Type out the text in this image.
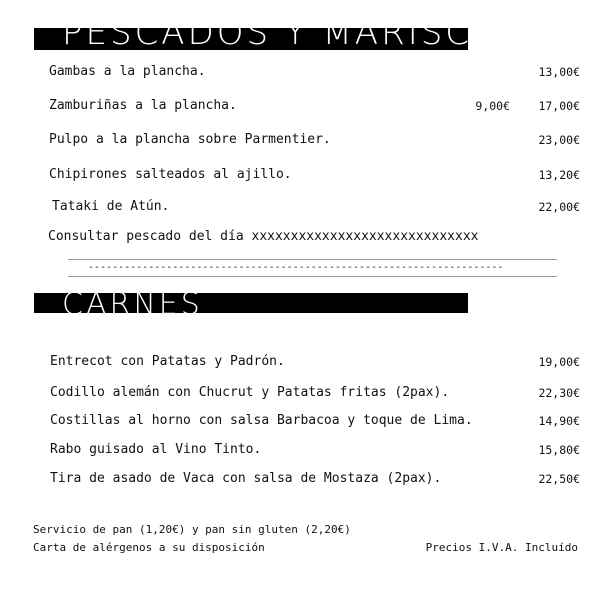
PESCADOS Y MARISCOS
Gambas a la plancha.	13,00€
Zamburiñas a la plancha.	9,00€ 17,00€
Pulpo a la plancha sobre Parmentier.	23,00€
Chipirones salteados al ajillo.	13,20€
Tataki de Atún.	22,00€
Consultar pescado del día xxxxxxxxxxxxxxxxxxxxxxxxxxxxx
---------------------------------------------------------------------
CARNES
Entrecot con Patatas y Padrón.	19,00€
Codillo alemán con Chucrut y Patatas fritas (2pax).	22,30€
Costillas al horno con salsa Barbacoa y toque de Lima.	14,90€
Rabo guisado al Vino Tinto.	15,80€
Tira de asado de Vaca con salsa de Mostaza (2pax).	22,50€
Servicio de pan (1,20€) y pan sin gluten (2,20€)
Carta de alérgenos a su disposición	Precios I.V.A. Incluído
